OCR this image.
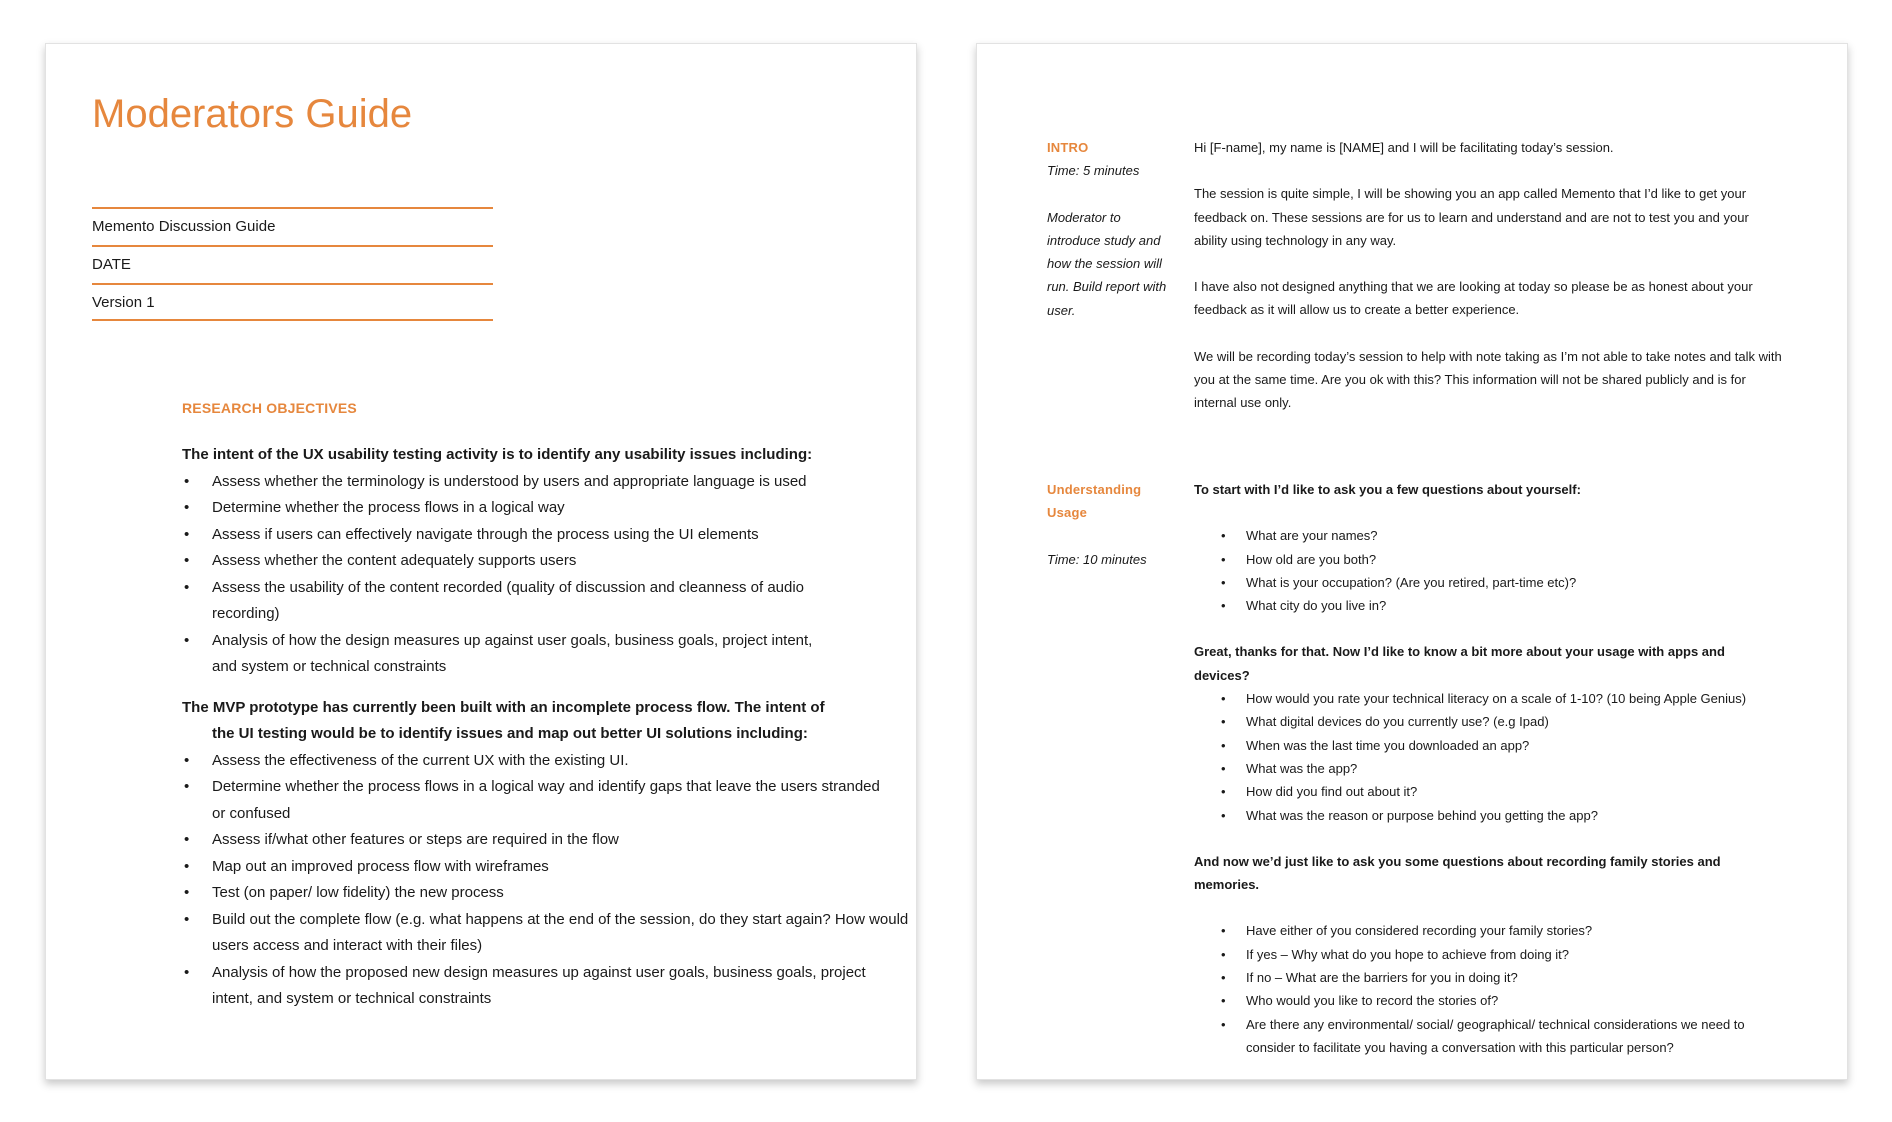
Moderators Guide
Memento Discussion Guide
DATE
Version 1
RESEARCH OBJECTIVES

The intent of the UX usability testing activity is to identify any usability issues including:

• Assess whether the terminology is understood by users and appropriate language is used
• Determine whether the process flows in a logical way
• Assess if users can effectively navigate through the process using the UI elements
• Assess whether the content adequately supports users
• Assess the usability of the content recorded (quality of discussion and cleanness of audio recording)
• Analysis of how the design measures up against user goals, business goals, project intent, and system or technical constraints

The MVP prototype has currently been built with an incomplete process flow. The intent of
the UI testing would be to identify issues and map out better UI solutions including:

• Assess the effectiveness of the current UX with the existing UI.
• Determine whether the process flows in a logical way and identify gaps that leave the users stranded or confused
• Assess if/what other features or steps are required in the flow
• Map out an improved process flow with wireframes
• Test (on paper/ low fidelity) the new process
• Build out the complete flow (e.g. what happens at the end of the session, do they start again? How would users access and interact with their files)
• Analysis of how the proposed new design measures up against user goals, business goals, project intent, and system or technical constraints
INTRO
Time: 5 minutes
Moderator to introduce study and how the session will run. Build report with user.

Hi [F-name], my name is [NAME] and I will be facilitating today’s session.

The session is quite simple, I will be showing you an app called Memento that I’d like to get your feedback on. These sessions are for us to learn and understand and are not to test you and your ability using technology in any way.

I have also not designed anything that we are looking at today so please be as honest about your feedback as it will allow us to create a better experience.

We will be recording today’s session to help with note taking as I’m not able to take notes and talk with you at the same time. Are you ok with this? This information will not be shared publicly and is for internal use only.

Understanding Usage
Time: 10 minutes

To start with I’d like to ask you a few questions about yourself:

• What are your names?
• How old are you both?
• What is your occupation? (Are you retired, part-time etc)?
• What city do you live in?

Great, thanks for that. Now I’d like to know a bit more about your usage with apps and devices?

• How would you rate your technical literacy on a scale of 1-10? (10 being Apple Genius)
• What digital devices do you currently use? (e.g Ipad)
• When was the last time you downloaded an app?
• What was the app?
• How did you find out about it?
• What was the reason or purpose behind you getting the app?

And now we’d just like to ask you some questions about recording family stories and memories.

• Have either of you considered recording your family stories?
• If yes – Why what do you hope to achieve from doing it?
• If no – What are the barriers for you in doing it?
• Who would you like to record the stories of?
• Are there any environmental/ social/ geographical/ technical considerations we need to consider to facilitate you having a conversation with this particular person?
